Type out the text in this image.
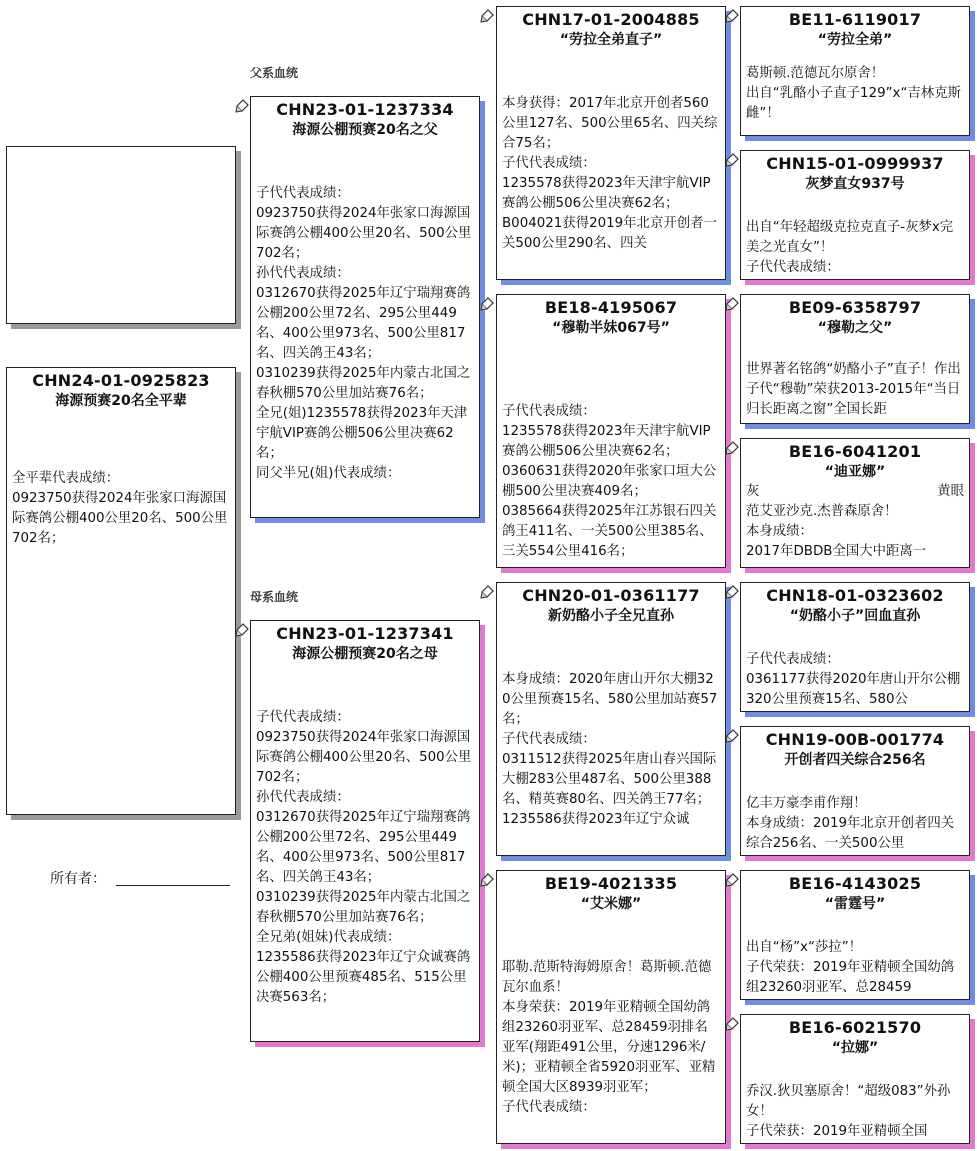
CHN24-01-0925823
海源预赛20名全平辈
全平辈代表成绩：
0923750获得2024年张家口海源国际赛鸽公棚400公里20名、500公里702名；
所有者：
父系血统
母系血统
CHN23-01-1237334
海源公棚预赛20名之父
子代代表成绩：
0923750获得2024年张家口海源国际赛鸽公棚400公里20名、500公里702名；
孙代代表成绩：
0312670获得2025年辽宁瑞翔赛鸽公棚200公里72名、295公里449名、400公里973名、500公里817名、四关鸽王43名；
0310239获得2025年内蒙古北国之春秋棚570公里加站赛76名；
全兄(姐)1235578获得2023年天津宇航VIP赛鸽公棚506公里决赛62名；
同父半兄(姐)代表成绩：
CHN23-01-1237341
海源公棚预赛20名之母
子代代表成绩：
0923750获得2024年张家口海源国际赛鸽公棚400公里20名、500公里702名；
孙代代表成绩：
0312670获得2025年辽宁瑞翔赛鸽公棚200公里72名、295公里449名、400公里973名、500公里817名、四关鸽王43名；
0310239获得2025年内蒙古北国之春秋棚570公里加站赛76名；
全兄弟(姐妹)代表成绩：
1235586获得2023年辽宁众诚赛鸽公棚400公里预赛485名、515公里决赛563名；
CHN17-01-2004885
“劳拉全弟直子”
本身获得：2017年北京开创者560公里127名、500公里65名、四关综合75名；
子代代表成绩：
1235578获得2023年天津宇航VIP赛鸽公棚506公里决赛62名；
B004021获得2019年北京开创者一关500公里290名、四关
BE18-4195067
“穆勒半妹067号”
子代代表成绩：
1235578获得2023年天津宇航VIP赛鸽公棚506公里决赛62名；
0360631获得2020年张家口垣大公棚500公里决赛409名；
0385664获得2025年江苏银石四关鸽王411名、一关500公里385名、三关554公里416名；
CHN20-01-0361177
新奶酪小子全兄直孙
本身成绩：2020年唐山开尔大棚320公里预赛15名、580公里加站赛57名；
子代代表成绩：
0311512获得2025年唐山春兴国际大棚283公里487名、500公里388名、精英赛80名、四关鸽王77名；
1235586获得2023年辽宁众诚
BE19-4021335
“艾米娜”
耶勒.范斯特海姆原舍！葛斯顿.范德瓦尔血系！
本身荣获：2019年亚精顿全国幼鸽组23260羽亚军、总28459羽排名亚军(翔距491公里，分速1296米/米)；亚精顿全省5920羽亚军、亚精顿全国大区8939羽亚军；
子代代表成绩：
BE11-6119017
“劳拉全弟”
葛斯顿.范德瓦尔原舍！
出自“乳酪小子直子129”x“吉林克斯雌”！
CHN15-01-0999937
灰梦直女937号
出自“年轻超级克拉克直子-灰梦x完美之光直女”！
子代代表成绩：
BE09-6358797
“穆勒之父”
世界著名铭鸽“奶酪小子”直子！作出子代“穆勒”荣获2013-2015年“当日归长距离之窗”全国长距
BE16-6041201
“迪亚娜”
灰	黄眼
范艾亚沙克.杰普森原舍！
本身成绩：
2017年DBDB全国大中距离一
CHN18-01-0323602
“奶酪小子”回血直孙
子代代表成绩：
0361177获得2020年唐山开尔公棚320公里预赛15名、580公
CHN19-00B-001774
开创者四关综合256名
亿丰万豪李甫作翔！
本身成绩：2019年北京开创者四关综合256名、一关500公里
BE16-4143025
“雷霆号”
出自“杨”x“莎拉”！
子代荣获：2019年亚精顿全国幼鸽组23260羽亚军、总28459
BE16-6021570
“拉娜”
乔汉.狄贝塞原舍！“超级083”外孙女！
子代荣获：2019年亚精顿全国
